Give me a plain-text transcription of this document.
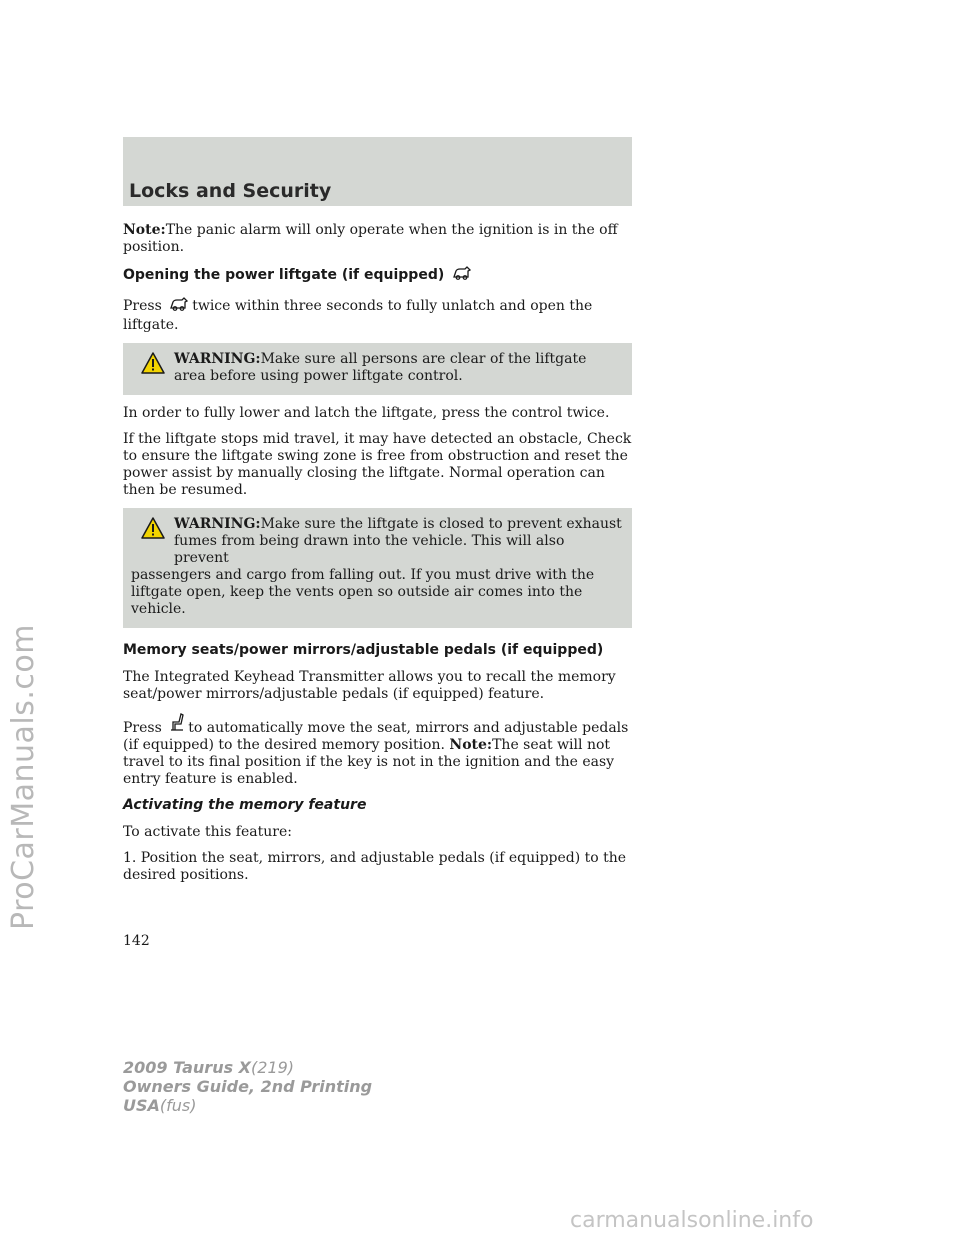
ProCarManuals.com
Locks and Security

Note:The panic alarm will only operate when the ignition is in the off position.

Opening the power liftgate (if equipped)

Press twice within three seconds to fully unlatch and open the liftgate.

WARNING:Make sure all persons are clear of the liftgate area before using power liftgate control.

In order to fully lower and latch the liftgate, press the control twice.

If the liftgate stops mid travel, it may have detected an obstacle, Check to ensure the liftgate swing zone is free from obstruction and reset the power assist by manually closing the liftgate. Normal operation can then be resumed.

WARNING:Make sure the liftgate is closed to prevent exhaust fumes from being drawn into the vehicle. This will also prevent
passengers and cargo from falling out. If you must drive with the liftgate open, keep the vents open so outside air comes into the vehicle.
Memory seats/power mirrors/adjustable pedals (if equipped)

The Integrated Keyhead Transmitter allows you to recall the memory seat/power mirrors/adjustable pedals (if equipped) feature.

Press to automatically move the seat, mirrors and adjustable pedals (if equipped) to the desired memory position. Note:The seat will not travel to its final position if the key is not in the ignition and the easy entry feature is enabled.

Activating the memory feature

To activate this feature:

1. Position the seat, mirrors, and adjustable pedals (if equipped) to the desired positions.

142
2009 Taurus X(219)
Owners Guide, 2nd Printing
USA(fus)
carmanualsonline.info
